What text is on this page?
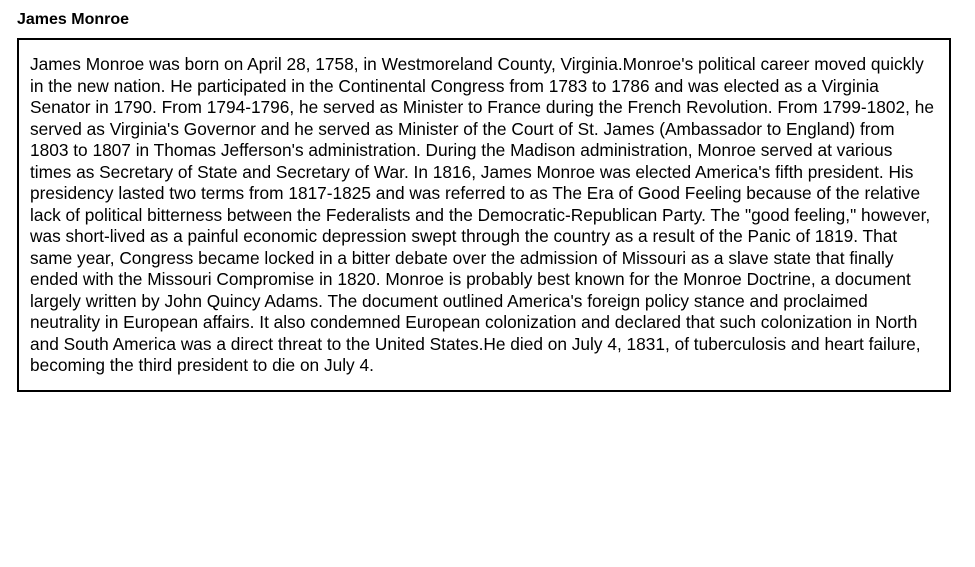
James Monroe

James Monroe was born on April 28, 1758, in Westmoreland County, Virginia.Monroe's political career moved quickly in the new nation. He participated in the Continental Congress from 1783 to 1786 and was elected as a Virginia Senator in 1790. From 1794-1796, he served as Minister to France during the French Revolution. From 1799-1802, he served as Virginia's Governor and he served as Minister of the Court of St. James (Ambassador to England) from 1803 to 1807 in Thomas Jefferson's administration. During the Madison administration, Monroe served at various times as Secretary of State and Secretary of War. In 1816, James Monroe was elected America's fifth president. His presidency lasted two terms from 1817-1825 and was referred to as The Era of Good Feeling because of the relative lack of political bitterness between the Federalists and the Democratic-Republican Party. The "good feeling," however, was short-lived as a painful economic depression swept through the country as a result of the Panic of 1819. That same year, Congress became locked in a bitter debate over the admission of Missouri as a slave state that finally ended with the Missouri Compromise in 1820. Monroe is probably best known for the Monroe Doctrine, a document largely written by John Quincy Adams. The document outlined America's foreign policy stance and proclaimed neutrality in European affairs. It also condemned European colonization and declared that such colonization in North and South America was a direct threat to the United States.He died on July 4, 1831, of tuberculosis and heart failure, becoming the third president to die on July 4.
